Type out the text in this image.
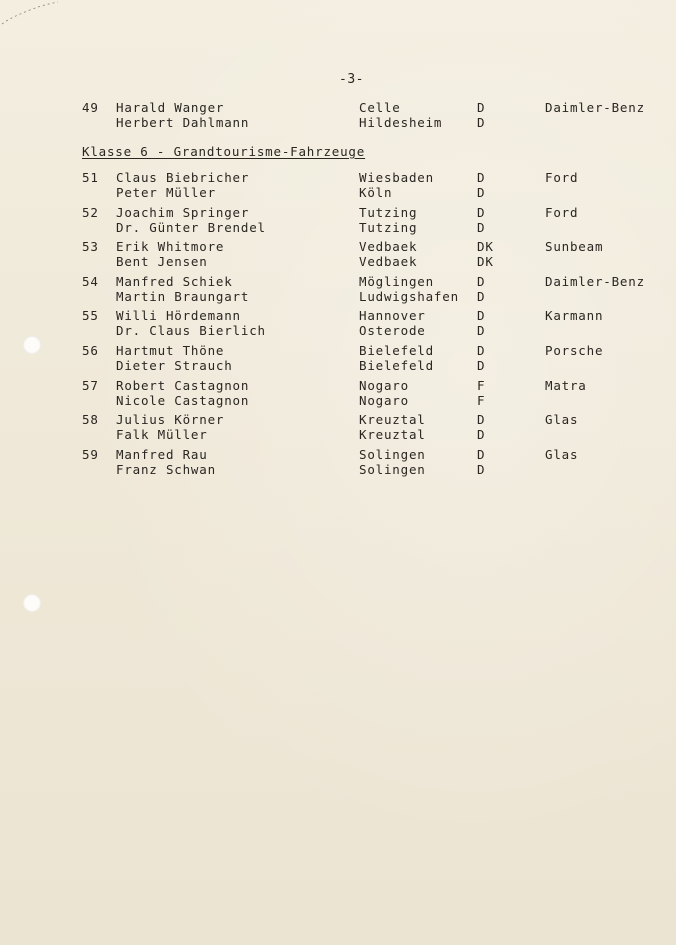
-3-
49 Harald Wanger	Celle	D	Daimler-Benz
Herbert Dahlmann	Hildesheim	D
Klasse 6 - Grandtourisme-Fahrzeuge
51 Claus Biebricher	Wiesbaden	D	Ford
Peter Müller	Köln	D
52 Joachim Springer	Tutzing	D	Ford
Dr. Günter Brendel	Tutzing	D
53 Erik Whitmore	Vedbaek	DK	Sunbeam
Bent Jensen	Vedbaek	DK
54 Manfred Schiek	Möglingen	D	Daimler-Benz
Martin Braungart	Ludwigshafen D
55 Willi Hördemann	Hannover	D	Karmann
Dr. Claus Bierlich	Osterode	D
56 Hartmut Thöne	Bielefeld	D	Porsche
Dieter Strauch	Bielefeld	D
57 Robert Castagnon	Nogaro	F	Matra
Nicole Castagnon	Nogaro	F
58 Julius Körner	Kreuztal	D	Glas
Falk Müller	Kreuztal	D
59 Manfred Rau	Solingen	D	Glas
Franz Schwan	Solingen	D
